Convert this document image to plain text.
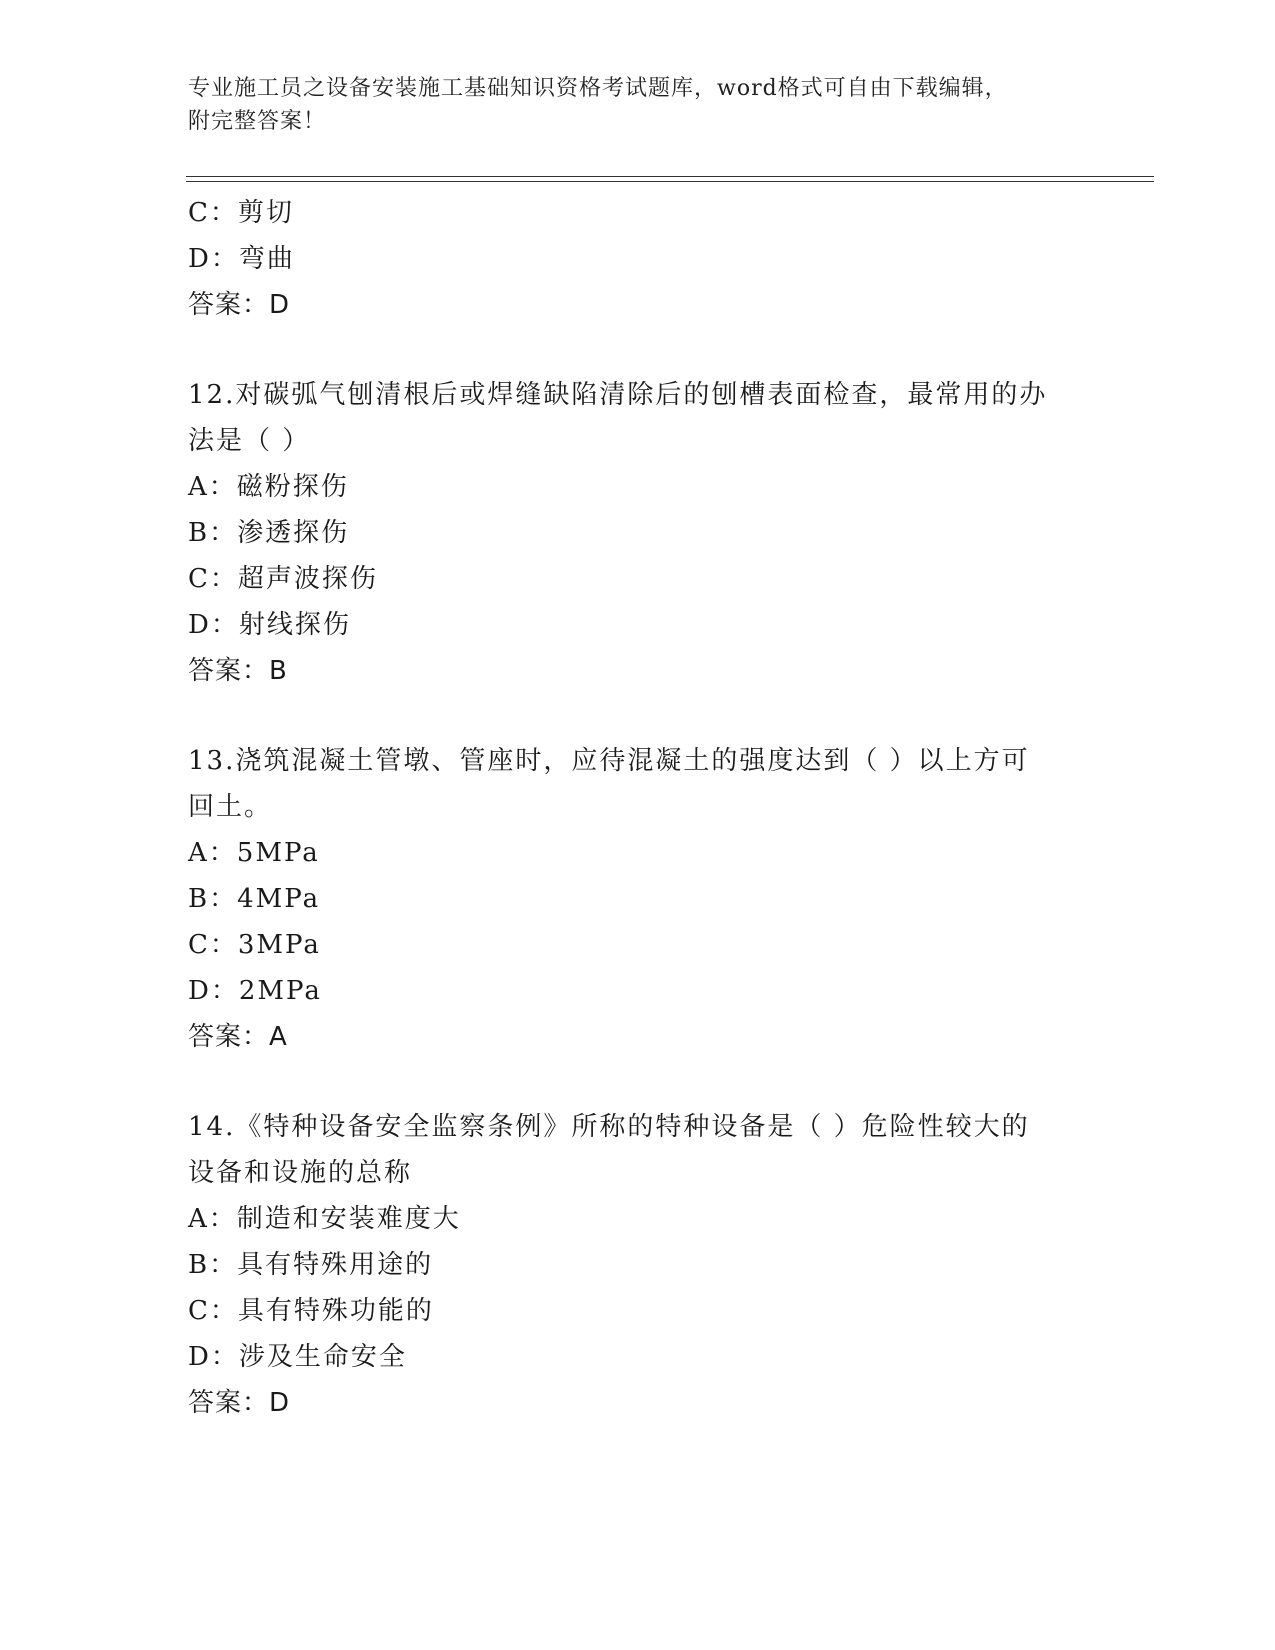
专业施工员之设备安装施工基础知识资格考试题库，word格式可自由下载编辑，
附完整答案！
C：剪切
D：弯曲
答案：D
12.对碳弧气刨清根后或焊缝缺陷清除后的刨槽表面检查，最常用的办
法是（ ）
A：磁粉探伤
B：渗透探伤
C：超声波探伤
D：射线探伤
答案：B
13.浇筑混凝土管墩、管座时，应待混凝土的强度达到（ ）以上方可
回土。
A：5MPa
B：4MPa
C：3MPa
D：2MPa
答案：A
14.《特种设备安全监察条例》所称的特种设备是（ ）危险性较大的
设备和设施的总称
A：制造和安装难度大
B：具有特殊用途的
C：具有特殊功能的
D：涉及生命安全
答案：D
